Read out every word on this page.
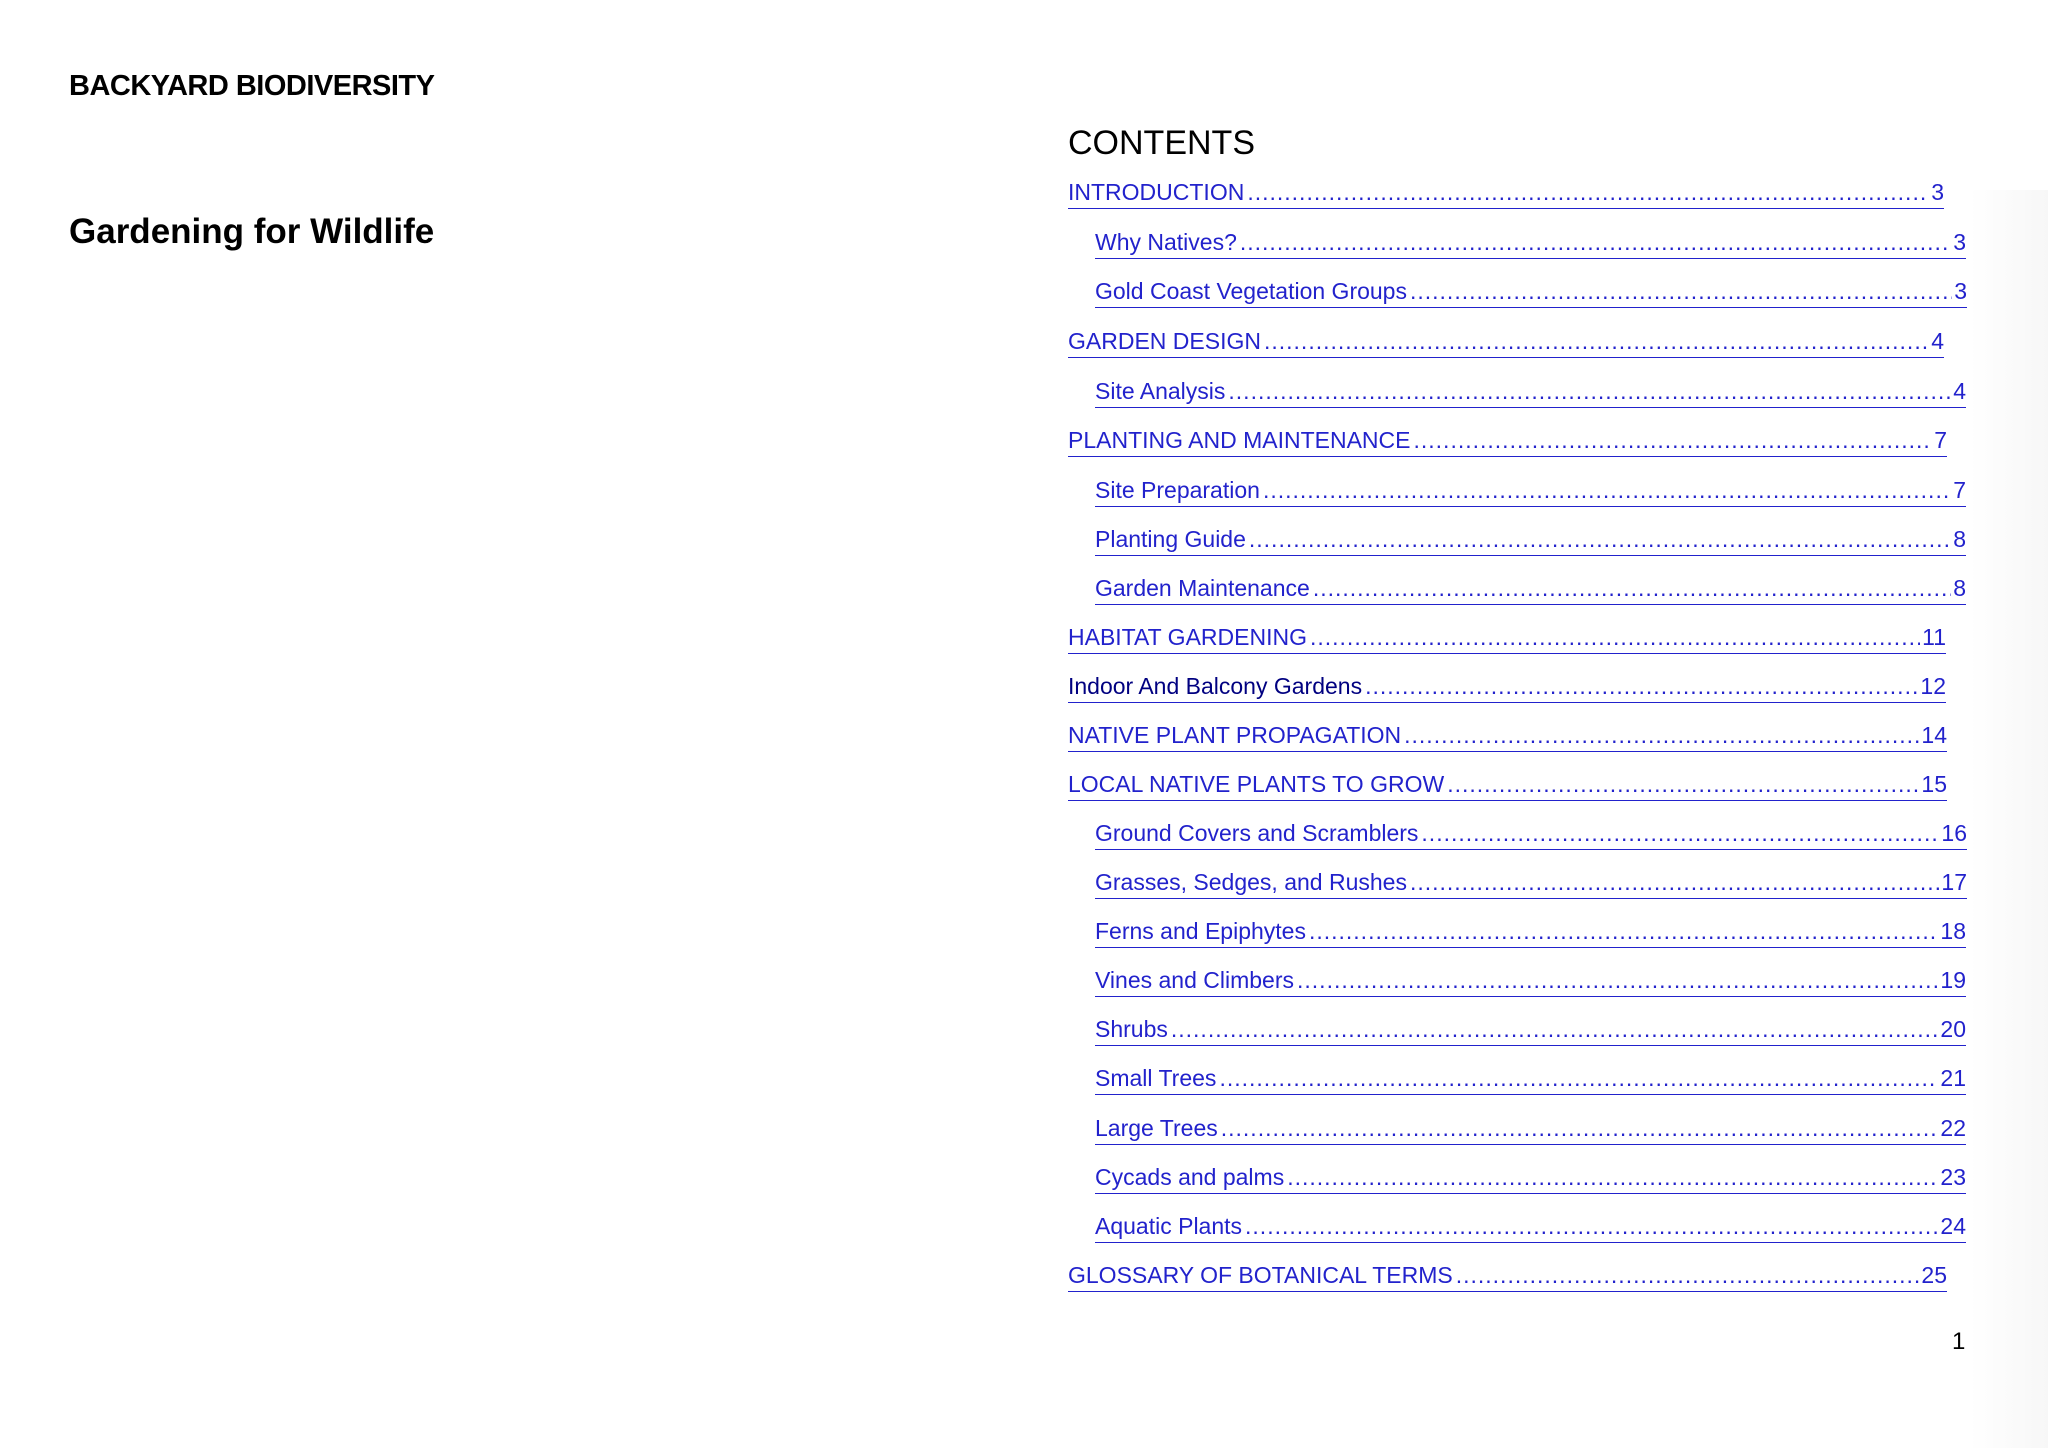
BACKYARD BIODIVERSITY
Gardening for Wildlife
CONTENTS
INTRODUCTION .....	3
Why Natives? .....	3
Gold Coast Vegetation Groups .....	3
GARDEN DESIGN .....	4
Site Analysis .....	4
PLANTING AND MAINTENANCE .....	7
Site Preparation .....	7
Planting Guide .....	8
Garden Maintenance .....	8
HABITAT GARDENING .....	11
Indoor And Balcony Gardens .....	12
NATIVE PLANT PROPAGATION .....	14
LOCAL NATIVE PLANTS TO GROW .....	15
Ground Covers and Scramblers .....	16
Grasses, Sedges, and Rushes .....	17
Ferns and Epiphytes .....	18
Vines and Climbers .....	19
Shrubs .....	20
Small Trees .....	21
Large Trees .....	22
Cycads and palms .....	23
Aquatic Plants .....	24
GLOSSARY OF BOTANICAL TERMS .....	25
1
